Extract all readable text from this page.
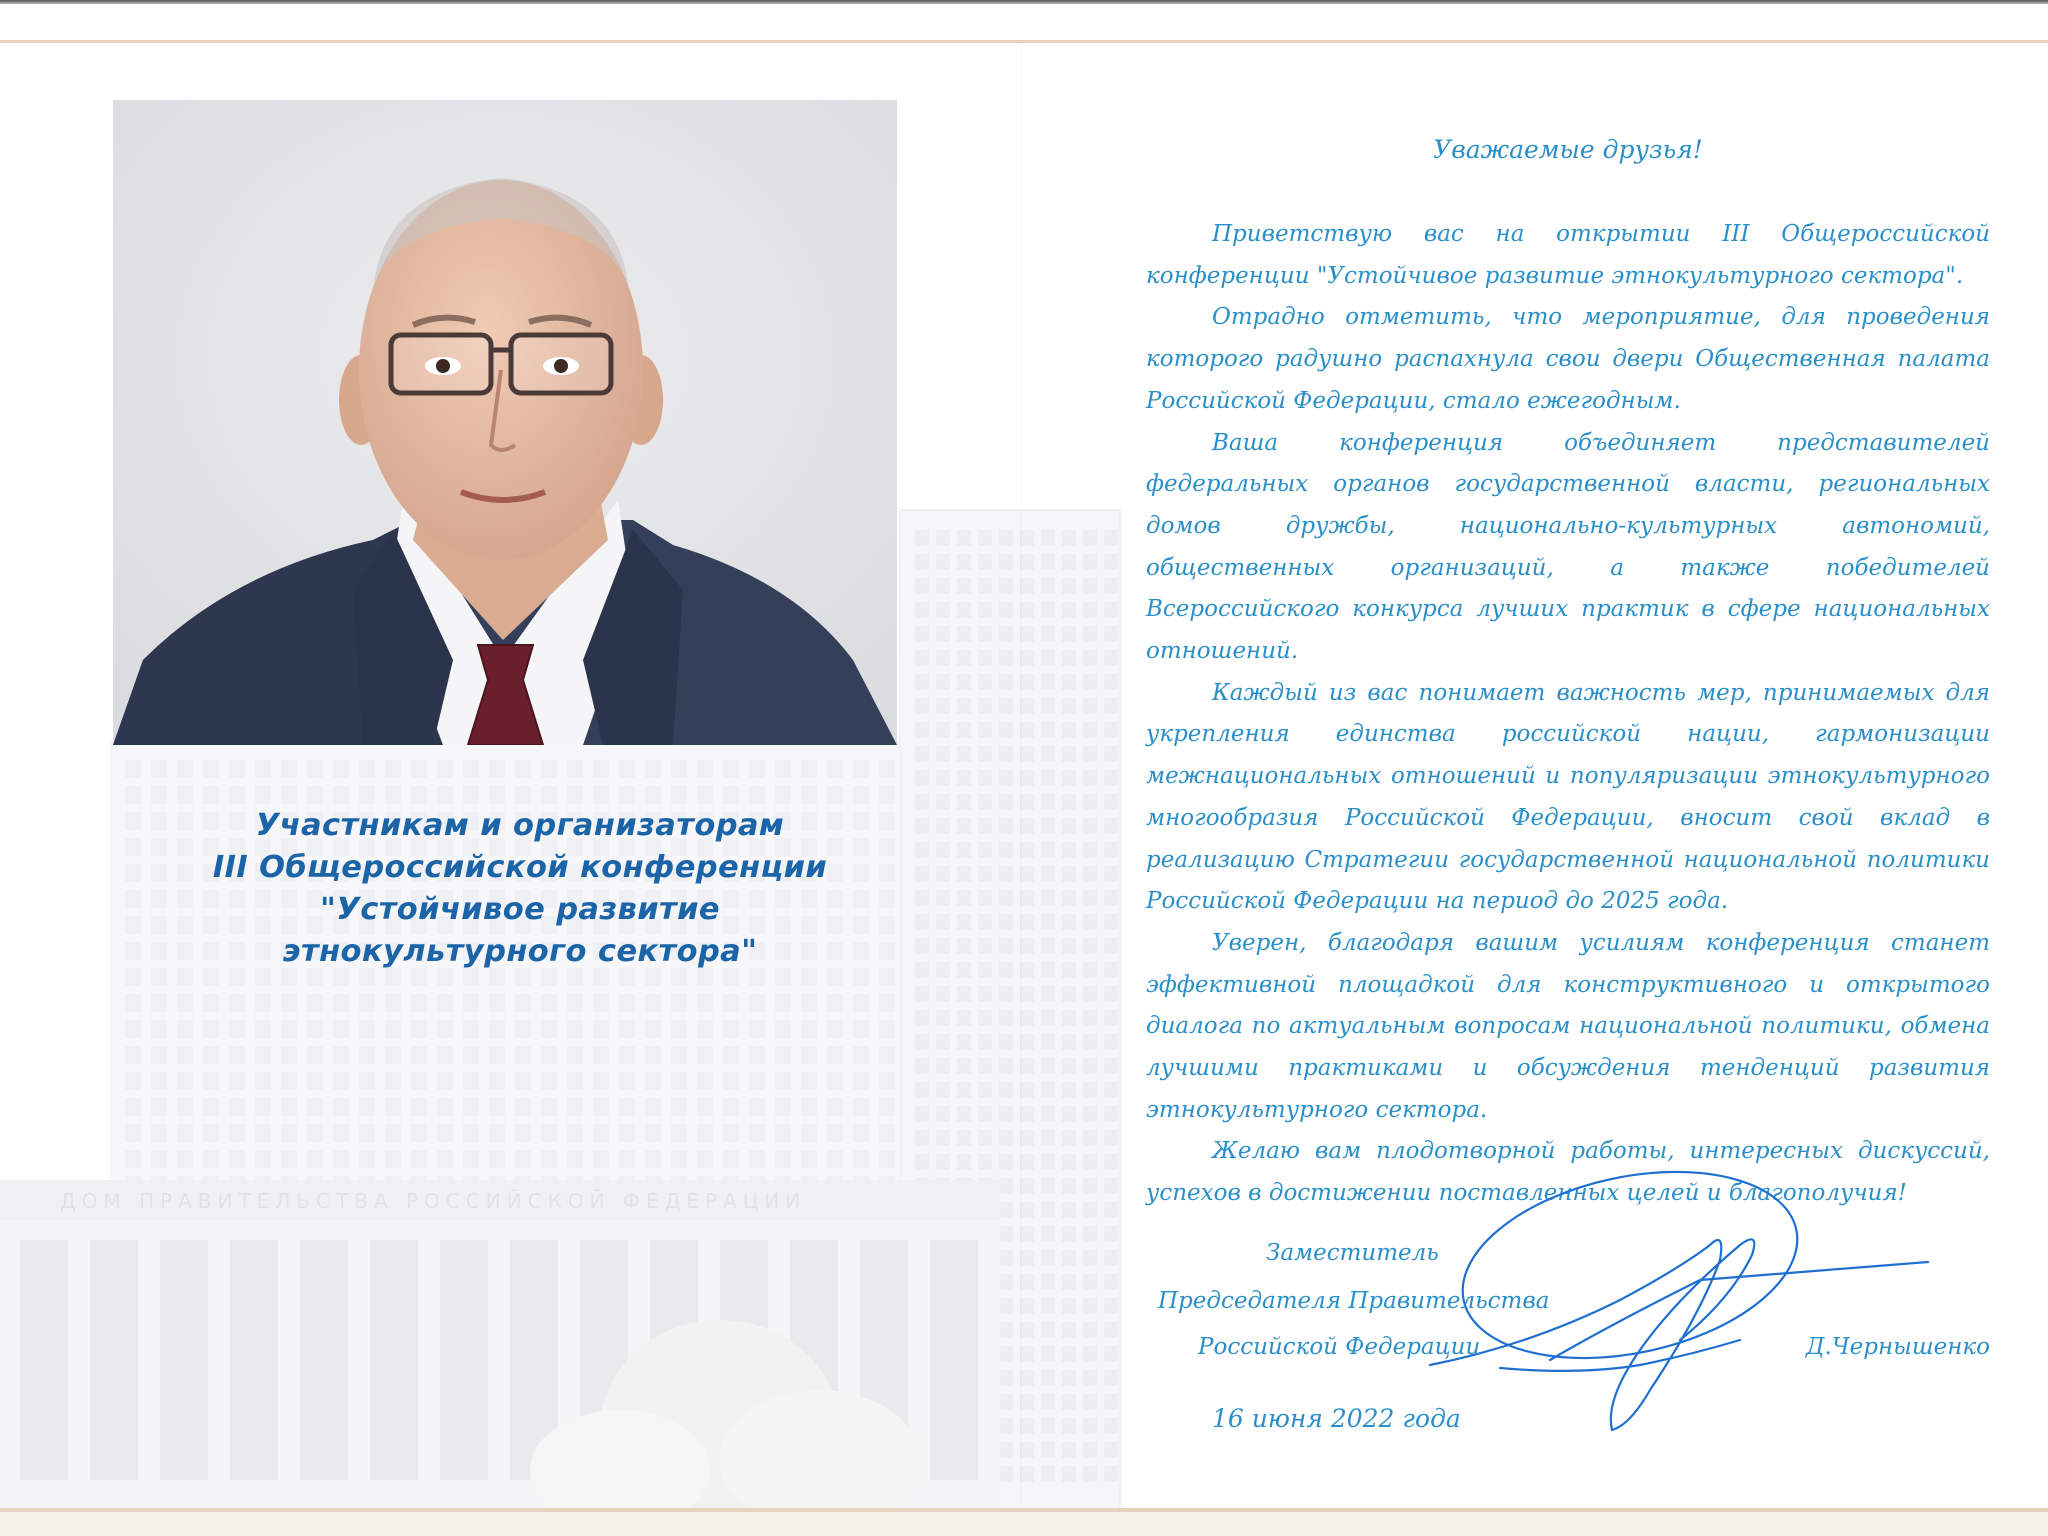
ДОМ ПРАВИТЕЛЬСТВА РОССИЙСКОЙ ФЕДЕРАЦИИ
Участникам и организаторам
III Общероссийской конференции
"Устойчивое развитие
этнокультурного сектора"
Уважаемые друзья!

Приветствую вас на открытии III Общероссийской конференции "Устойчивое развитие этнокультурного сектора".

Отрадно отметить, что мероприятие, для проведения которого радушно распахнула свои двери Общественная палата Российской Федерации, стало ежегодным.

Ваша конференция объединяет представителей федеральных органов государственной власти, региональных домов дружбы, национально-культурных автономий, общественных организаций, а также победителей Всероссийского конкурса лучших практик в сфере национальных отношений.

Каждый из вас понимает важность мер, принимаемых для укрепления единства российской нации, гармонизации межнациональных отношений и популяризации этнокультурного многообразия Российской Федерации, вносит свой вклад в реализацию Стратегии государственной национальной политики Российской Федерации на период до 2025 года.

Уверен, благодаря вашим усилиям конференция станет эффективной площадкой для конструктивного и открытого диалога по актуальным вопросам национальной политики, обмена лучшими практиками и обсуждения тенденций развития этнокультурного сектора.

Желаю вам плодотворной работы, интересных дискуссий, успехов в достижении поставленных целей и благополучия!

Заместитель
Председателя Правительства
Российской Федерации	Д.Чернышенко
16 июня 2022 года
